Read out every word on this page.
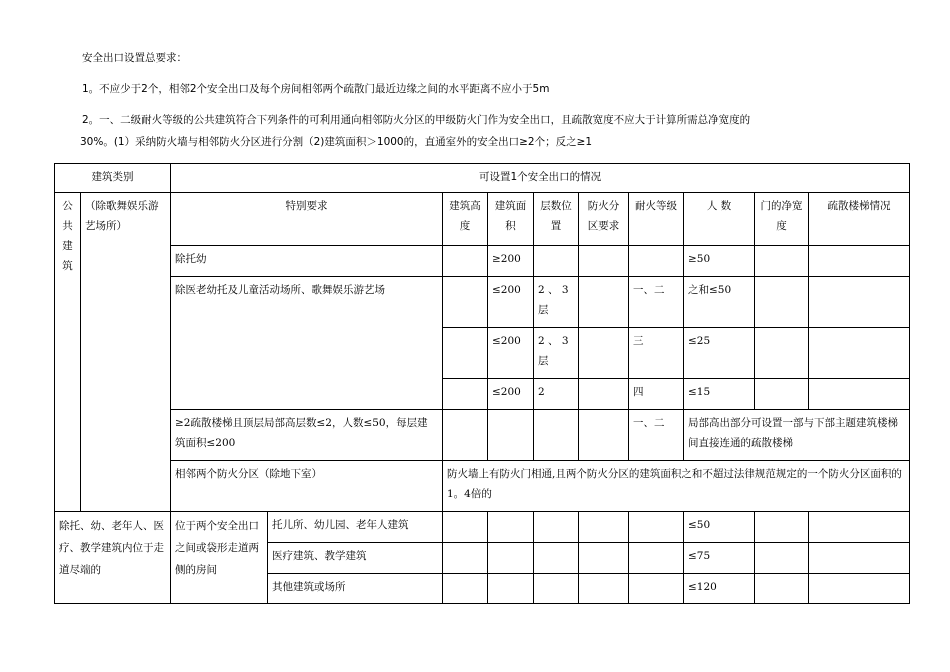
安全出口设置总要求：
1。不应少于2个，相邻2个安全出口及每个房间相邻两个疏散门最近边缘之间的水平距离不应小于5m
2。一、二级耐火等级的公共建筑符合下列条件的可利用通向相邻防火分区的甲级防火门作为安全出口，且疏散宽度不应大于计算所需总净宽度的
30%。(1）采纳防火墙与相邻防火分区进行分割（2)建筑面积＞1000的，直通室外的安全出口≥2个；反之≥1
建筑类别		可设置1个安全出口的情况									
公共建筑	（除歌舞娱乐游艺场所）	特别要求		建筑高度	建筑面积	层数位置	防火分区要求	耐火等级	人 数	门的净宽度	疏散楼梯情况
		除托幼			≥200				≥50		
		除医老幼托及儿童活动场所、歌舞娱乐游艺场			≤200	2 、 3 层		一、二	之和≤50		
					≤200	2 、 3 层		三	≤25		
					≤200	2		四	≤15		
		≥2疏散楼梯且顶层局部高层数≤2，人数≤50，每层建筑面积≤200						一、二	局部高出部分可设置一部与下部主题建筑楼梯间直接连通的疏散楼梯		
		相邻两个防火分区（除地下室）		防火墙上有防火门相通,且两个防火分区的建筑面积之和不超过法律规范规定的一个防火分区面积的1。4倍的							
除托、幼、老年人、医疗、教学建筑内位于走道尽端的		位于两个安全出口之间或袋形走道两侧的房间	托儿所、幼儿园、老年人建筑						≤50		
			医疗建筑、教学建筑						≤75		
			其他建筑或场所						≤120		
